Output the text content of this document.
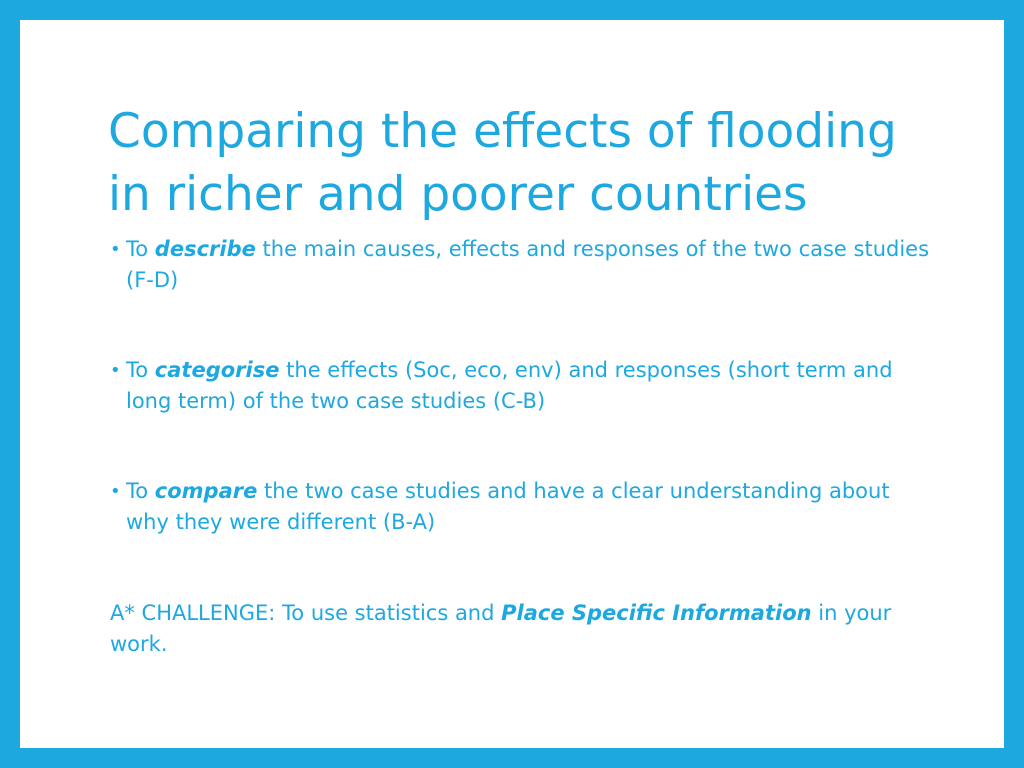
Comparing the effects of flooding in richer and poorer countries
• To describe the main causes, effects and responses of the two case studies (F-D)
• To categorise the effects (Soc, eco, env) and responses (short term and long term) of the two case studies (C-B)
• To compare the two case studies and have a clear understanding about why they were different (B-A)

A* CHALLENGE: To use statistics and Place Specific Information in your work.
